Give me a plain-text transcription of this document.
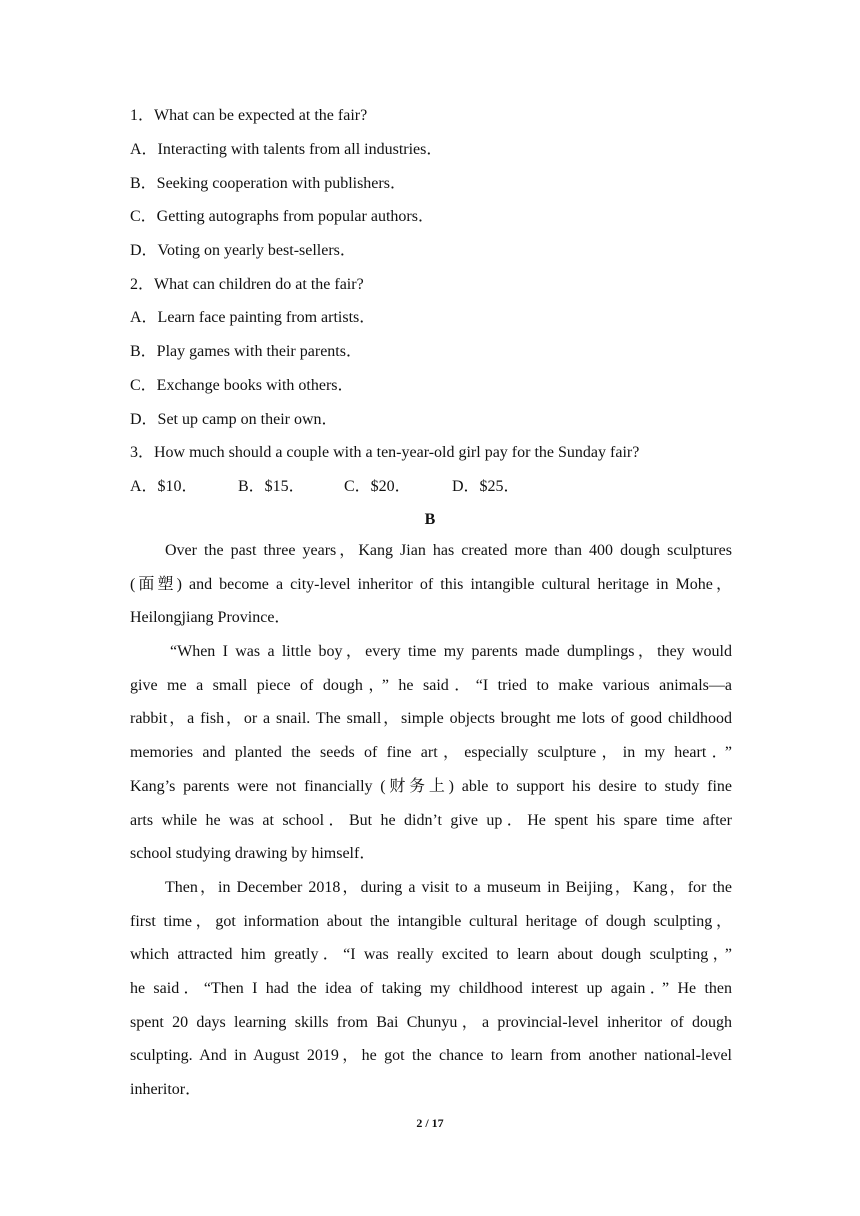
1．What can be expected at the fair?
A．Interacting with talents from all industries．
B．Seeking cooperation with publishers．
C．Getting autographs from popular authors．
D．Voting on yearly best-sellers．
2．What can children do at the fair?
A．Learn face painting from artists．
B．Play games with their parents．
C．Exchange books with others．
D．Set up camp on their own．
3．How much should a couple with a ten-year-old girl pay for the Sunday fair?
A．$10．	B．$15．	C．$20．	D．$25．
B
Over the past three years，Kang Jian has created more than 400 dough sculptures
(面塑) and become a city-level inheritor of this intangible cultural heritage in Mohe，
Heilongjiang Province．
“When I was a little boy，every time my parents made dumplings，they would
give me a small piece of dough，” he said．“I tried to make various animals—a
rabbit，a fish，or a snail. The small，simple objects brought me lots of good childhood
memories and planted the seeds of fine art，especially sculpture，in my heart．”
Kang’s parents were not financially (财务上) able to support his desire to study fine
arts while he was at school．But he didn’t give up．He spent his spare time after
school studying drawing by himself．
Then，in December 2018，during a visit to a museum in Beijing，Kang，for the
first time，got information about the intangible cultural heritage of dough sculpting，
which attracted him greatly．“I was really excited to learn about dough sculpting，”
he said．“Then I had the idea of taking my childhood interest up again．” He then
spent 20 days learning skills from Bai Chunyu，a provincial-level inheritor of dough
sculpting. And in August 2019，he got the chance to learn from another national-level
inheritor．
2 / 17
